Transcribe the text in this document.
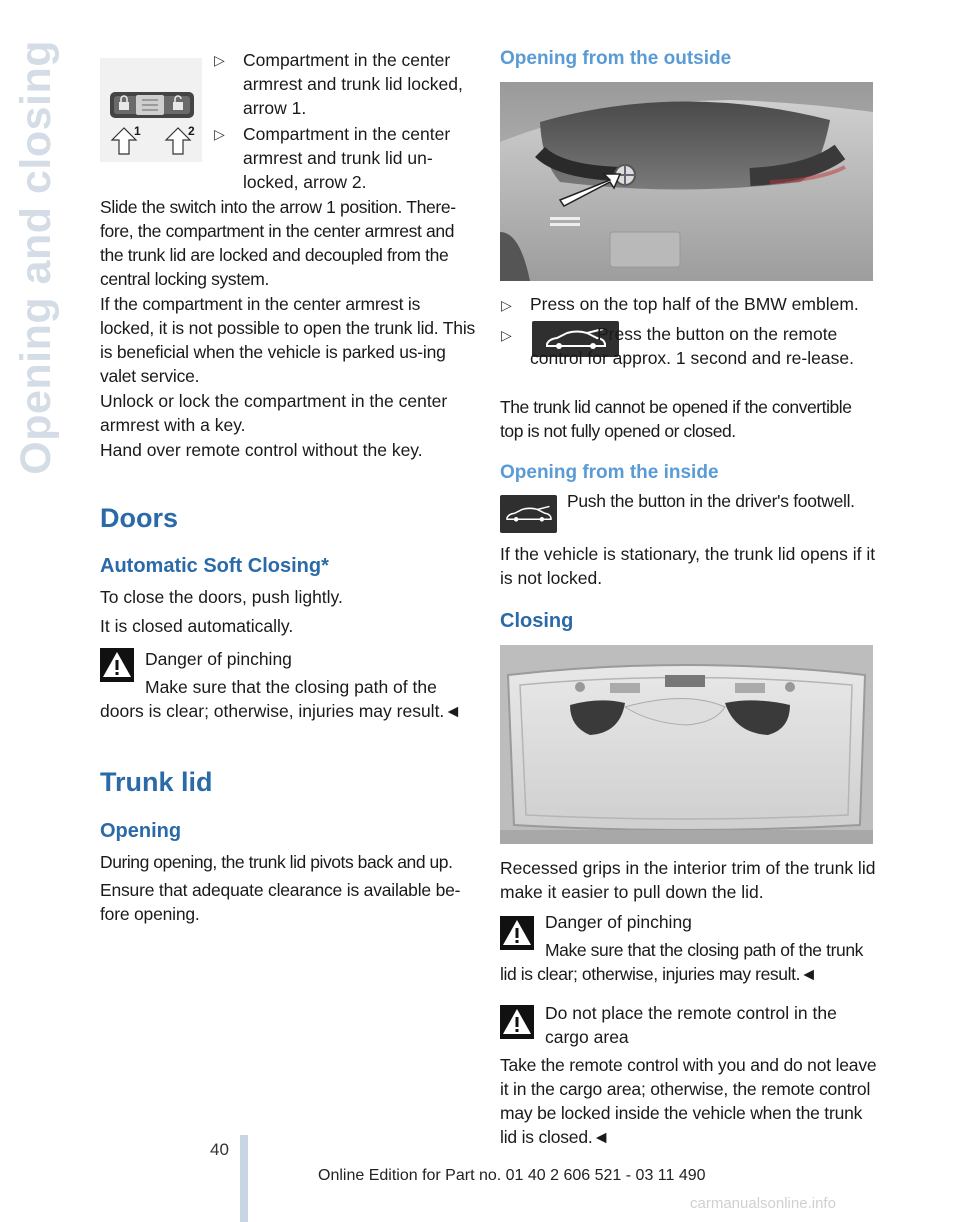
Opening and closing	1	2
▷ Compartment in the center armrest and trunk lid locked, arrow 1.
▷ Compartment in the center armrest and trunk lid un-
locked, arrow 2.
Slide the switch into the arrow 1 position. There-fore, the compartment in the center armrest and the trunk lid are locked and decoupled from the central locking system.
If the compartment in the center armrest is locked, it is not possible to open the trunk lid. This is beneficial when the vehicle is parked us-ing valet service.
Unlock or lock the compartment in the center armrest with a key.
Hand over remote control without the key.
Doors
Automatic Soft Closing*
To close the doors, push lightly.
It is closed automatically.
Danger of pinching
Make sure that the closing path of the doors is clear; otherwise, injuries may result.◄
Trunk lid
Opening
During opening, the trunk lid pivots back and up.
Ensure that adequate clearance is available be-fore opening.
Opening from the outside
▷ Press on the top half of the BMW emblem.
▷	Press the button on the remote control for approx. 1 second and re-lease.
The trunk lid cannot be opened if the convertible top is not fully opened or closed.
Opening from the inside
Push the button in the driver's footwell.
If the vehicle is stationary, the trunk lid opens if it is not locked.
Closing
Recessed grips in the interior trim of the trunk lid make it easier to pull down the lid.
Danger of pinching
Make sure that the closing path of the trunk lid is clear; otherwise, injuries may result.◄
Do not place the remote control in the cargo area
Take the remote control with you and do not leave it in the cargo area; otherwise, the remote control may be locked inside the vehicle when the trunk lid is closed.◄
40
Online Edition for Part no. 01 40 2 606 521 - 03 11 490
carmanualsonline.info
